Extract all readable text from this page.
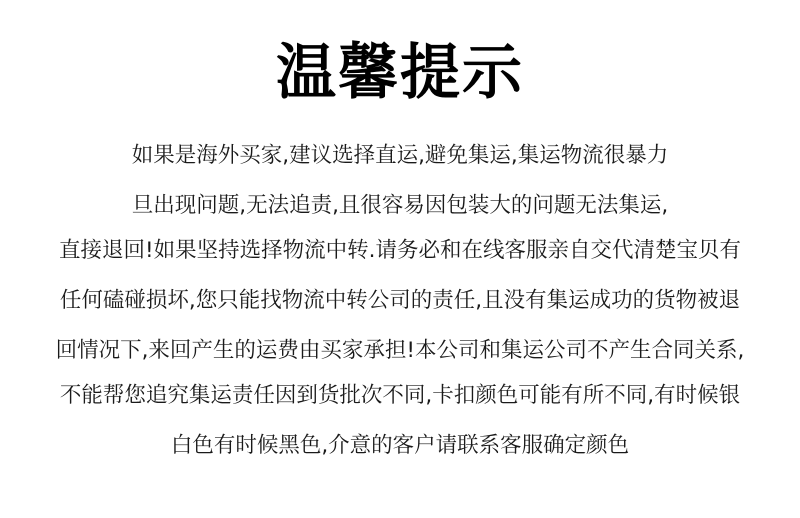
温馨提示
如果是海外买家,建议选择直运,避免集运,集运物流很暴力
旦出现问题,无法追责,且很容易因包装大的问题无法集运,
直接退回!如果坚持选择物流中转.请务必和在线客服亲自交代清楚宝贝有
任何磕碰损坏,您只能找物流中转公司的责任,且没有集运成功的货物被退
回情况下,来回产生的运费由买家承担!本公司和集运公司不产生合同关系,
不能帮您追究集运责任因到货批次不同,卡扣颜色可能有所不同,有时候银
白色有时候黑色,介意的客户请联系客服确定颜色
